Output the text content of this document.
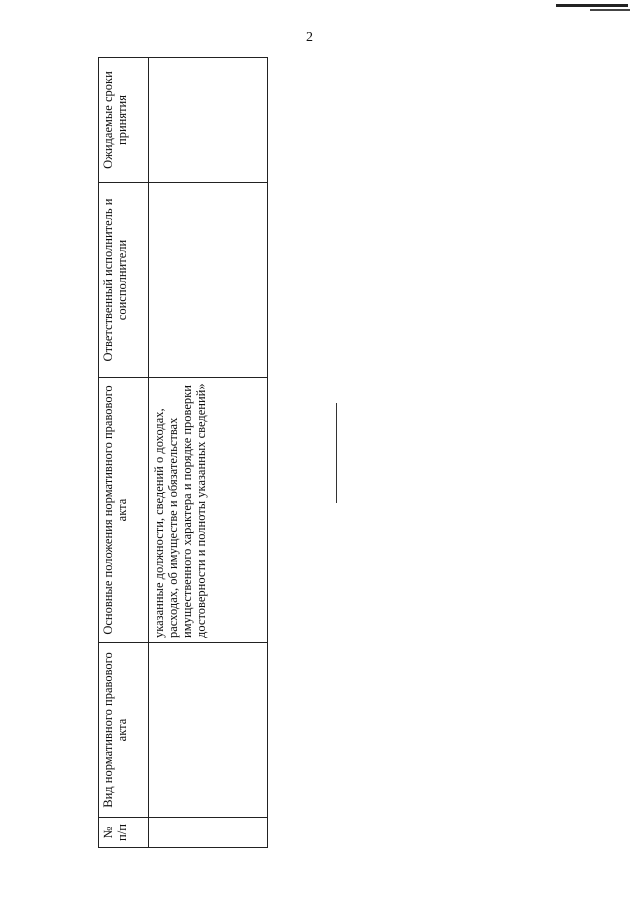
2
№ п/п	Вид нормативного правового акта	Основные положения нормативного правового акта	Ответственный исполнитель и соисполнители	Ожидаемые сроки принятия
		указанные должности, сведений о доходах, расходах, об имуществе и обязательствах имущественного характера и порядке проверки достоверности и полноты указанных сведений»		
